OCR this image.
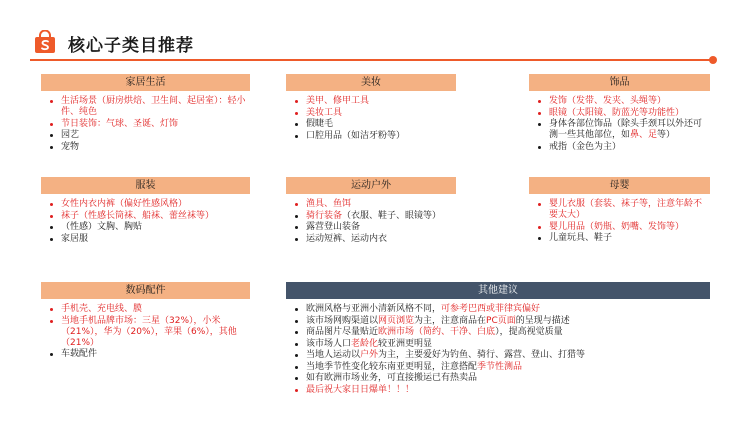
核心子类目推荐
家居生活
生活场景（厨房烘焙、卫生间、起居室）：轻小件、纯色
节日装饰：气球、圣诞、灯饰
园艺
宠物
美妆
美甲、修甲工具
美妆工具
假睫毛
口腔用品（如洁牙粉等）
饰品
发饰（发带、发夹、头绳等）
眼镜（太阳镜、防蓝光等功能性）
身体各部位饰品（除头手颈耳以外还可测一些其他部位，如鼻、足等）
戒指（金色为主）
服装
女性内衣内裤（偏好性感风格）
袜子（性感长筒袜、船袜、蕾丝袜等）
（性感）文胸、胸贴
家居服
运动户外
渔具、鱼饵
骑行装备（衣服、鞋子、眼镜等）
露营登山装备
运动短裤、运动内衣
母婴
婴儿衣服（套装、袜子等，注意年龄不要太大）
婴儿用品（奶瓶、奶嘴、发饰等）
儿童玩具、鞋子
数码配件
手机壳、充电线、膜
当地手机品牌市场：三星（32%），小米（21%），华为（20%），苹果（6%），其他（21%）
车载配件
其他建议
欧洲风格与亚洲小清新风格不同，可参考巴西或菲律宾偏好
该市场网购渠道以网页浏览为主，注意商品在PC页面的呈现与描述
商品图片尽量贴近欧洲市场（简约、干净、白底），提高视觉质量
该市场人口老龄化较亚洲更明显
当地人运动以户外为主，主要爱好为钓鱼、骑行、露营、登山、打猎等
当地季节性变化较东南亚更明显，注意搭配季节性测品
如有欧洲市场业务，可直接搬运已有热卖品
最后祝大家日日爆单！！！
